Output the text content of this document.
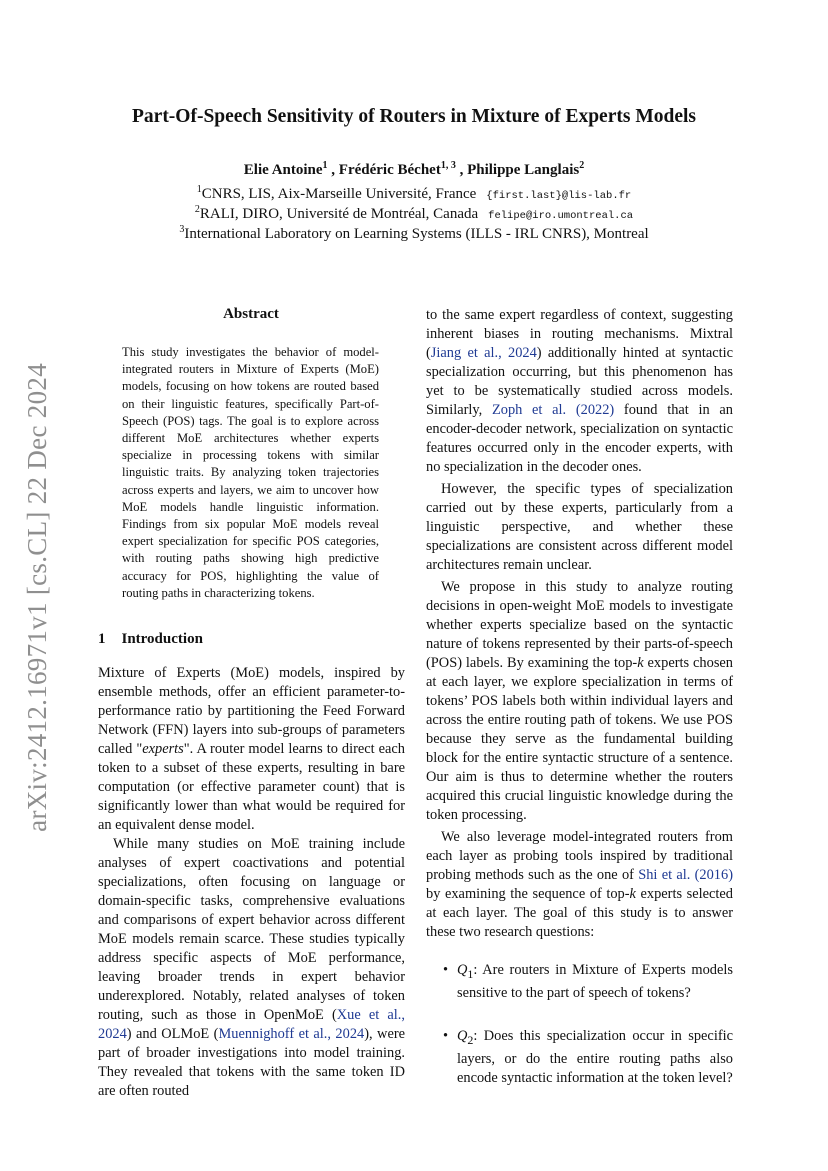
arXiv:2412.16971v1 [cs.CL] 22 Dec 2024
Part-Of-Speech Sensitivity of Routers in Mixture of Experts Models
Elie Antoine$^1$ , Frédéric Béchet$^{1, 3}$ , Philippe Langlais$^2$
$^1$CNRS, LIS, Aix-Marseille Université, France {first.last}@lis-lab.fr
$^2$RALI, DIRO, Université de Montréal, Canada felipe@iro.umontreal.ca
$^3$International Laboratory on Learning Systems (ILLS - IRL CNRS), Montreal
Abstract
This study investigates the behavior of model-integrated routers in Mixture of Experts (MoE) models, focusing on how tokens are routed based on their linguistic features, specifically Part-of-Speech (POS) tags. The goal is to explore across different MoE architectures whether experts specialize in processing tokens with similar linguistic traits. By analyzing token trajectories across experts and layers, we aim to uncover how MoE models handle linguistic information. Findings from six popular MoE models reveal expert specialization for specific POS categories, with routing paths showing high predictive accuracy for POS, highlighting the value of routing paths in characterizing tokens.
1 Introduction

Mixture of Experts (MoE) models, inspired by ensemble methods, offer an efficient parameter-to-performance ratio by partitioning the Feed Forward Network (FFN) layers into sub-groups of parameters called "experts". A router model learns to direct each token to a subset of these experts, resulting in bare computation (or effective parameter count) that is significantly lower than what would be required for an equivalent dense model.

While many studies on MoE training include analyses of expert coactivations and potential specializations, often focusing on language or domain-specific tasks, comprehensive evaluations and comparisons of expert behavior across different MoE models remain scarce. These studies typically address specific aspects of MoE performance, leaving broader trends in expert behavior underexplored. Notably, related analyses of token routing, such as those in OpenMoE (Xue et al., 2024) and OLMoE (Muennighoff et al., 2024), were part of broader investigations into model training. They revealed that tokens with the same token ID are often routed

to the same expert regardless of context, suggesting inherent biases in routing mechanisms. Mixtral (Jiang et al., 2024) additionally hinted at syntactic specialization occurring, but this phenomenon has yet to be systematically studied across models. Similarly, Zoph et al. (2022) found that in an encoder-decoder network, specialization on syntactic features occurred only in the encoder experts, with no specialization in the decoder ones.

However, the specific types of specialization carried out by these experts, particularly from a linguistic perspective, and whether these specializations are consistent across different model architectures remain unclear.

We propose in this study to analyze routing decisions in open-weight MoE models to investigate whether experts specialize based on the syntactic nature of tokens represented by their parts-of-speech (POS) labels. By examining the top-k experts chosen at each layer, we explore specialization in terms of tokens’ POS labels both within individual layers and across the entire routing path of tokens. We use POS because they serve as the fundamental building block for the entire syntactic structure of a sentence. Our aim is thus to determine whether the routers acquired this crucial linguistic knowledge during the token processing.

We also leverage model-integrated routers from each layer as probing tools inspired by traditional probing methods such as the one of Shi et al. (2016) by examining the sequence of top-k experts selected at each layer. The goal of this study is to answer these two research questions:

• $Q_1$: Are routers in Mixture of Experts models sensitive to the part of speech of tokens?
• $Q_2$: Does this specialization occur in specific layers, or do the entire routing paths also encode syntactic information at the token level?
